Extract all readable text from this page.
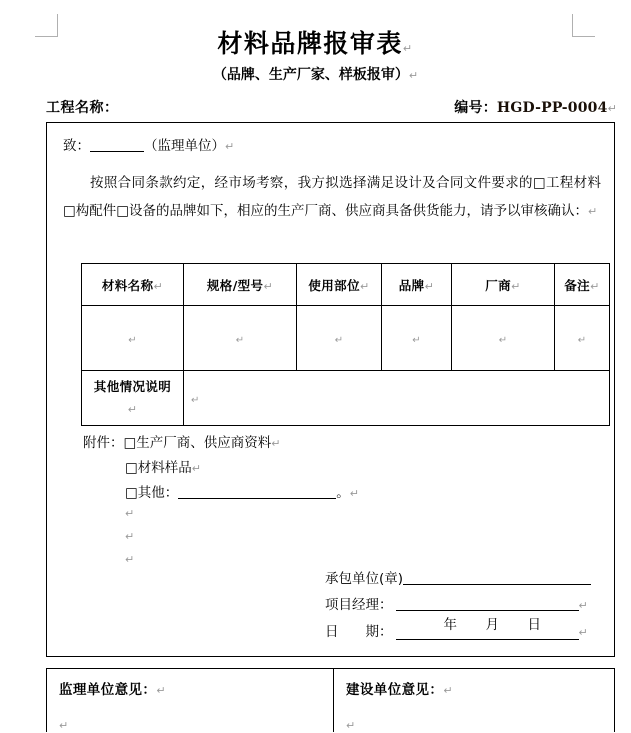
材料品牌报审表↵
（品牌、生产厂家、样板报审）↵
工程名称：	编号：HGD-PP-0004↵
致：	（监理单位）↵
按照合同条款约定，经市场考察，我方拟选择满足设计及合同文件要求的□工程材料□构配件□设备的品牌如下，相应的生产厂商、供应商具备供货能力，请予以审核确认：↵
材料名称↵	规格/型号↵	使用部位↵	品牌↵	厂商↵	备注↵
↵	↵	↵	↵	↵	↵
其他情况说明↵	↵				
附件：□生产厂商、供应商资料↵
□材料样品↵
□其他：	。↵
↵
↵
↵
承包单位(章)
项目经理：	↵
日　　期：	年 月 日	↵
监理单位意见：↵
↵
建设单位意见：↵
↵
